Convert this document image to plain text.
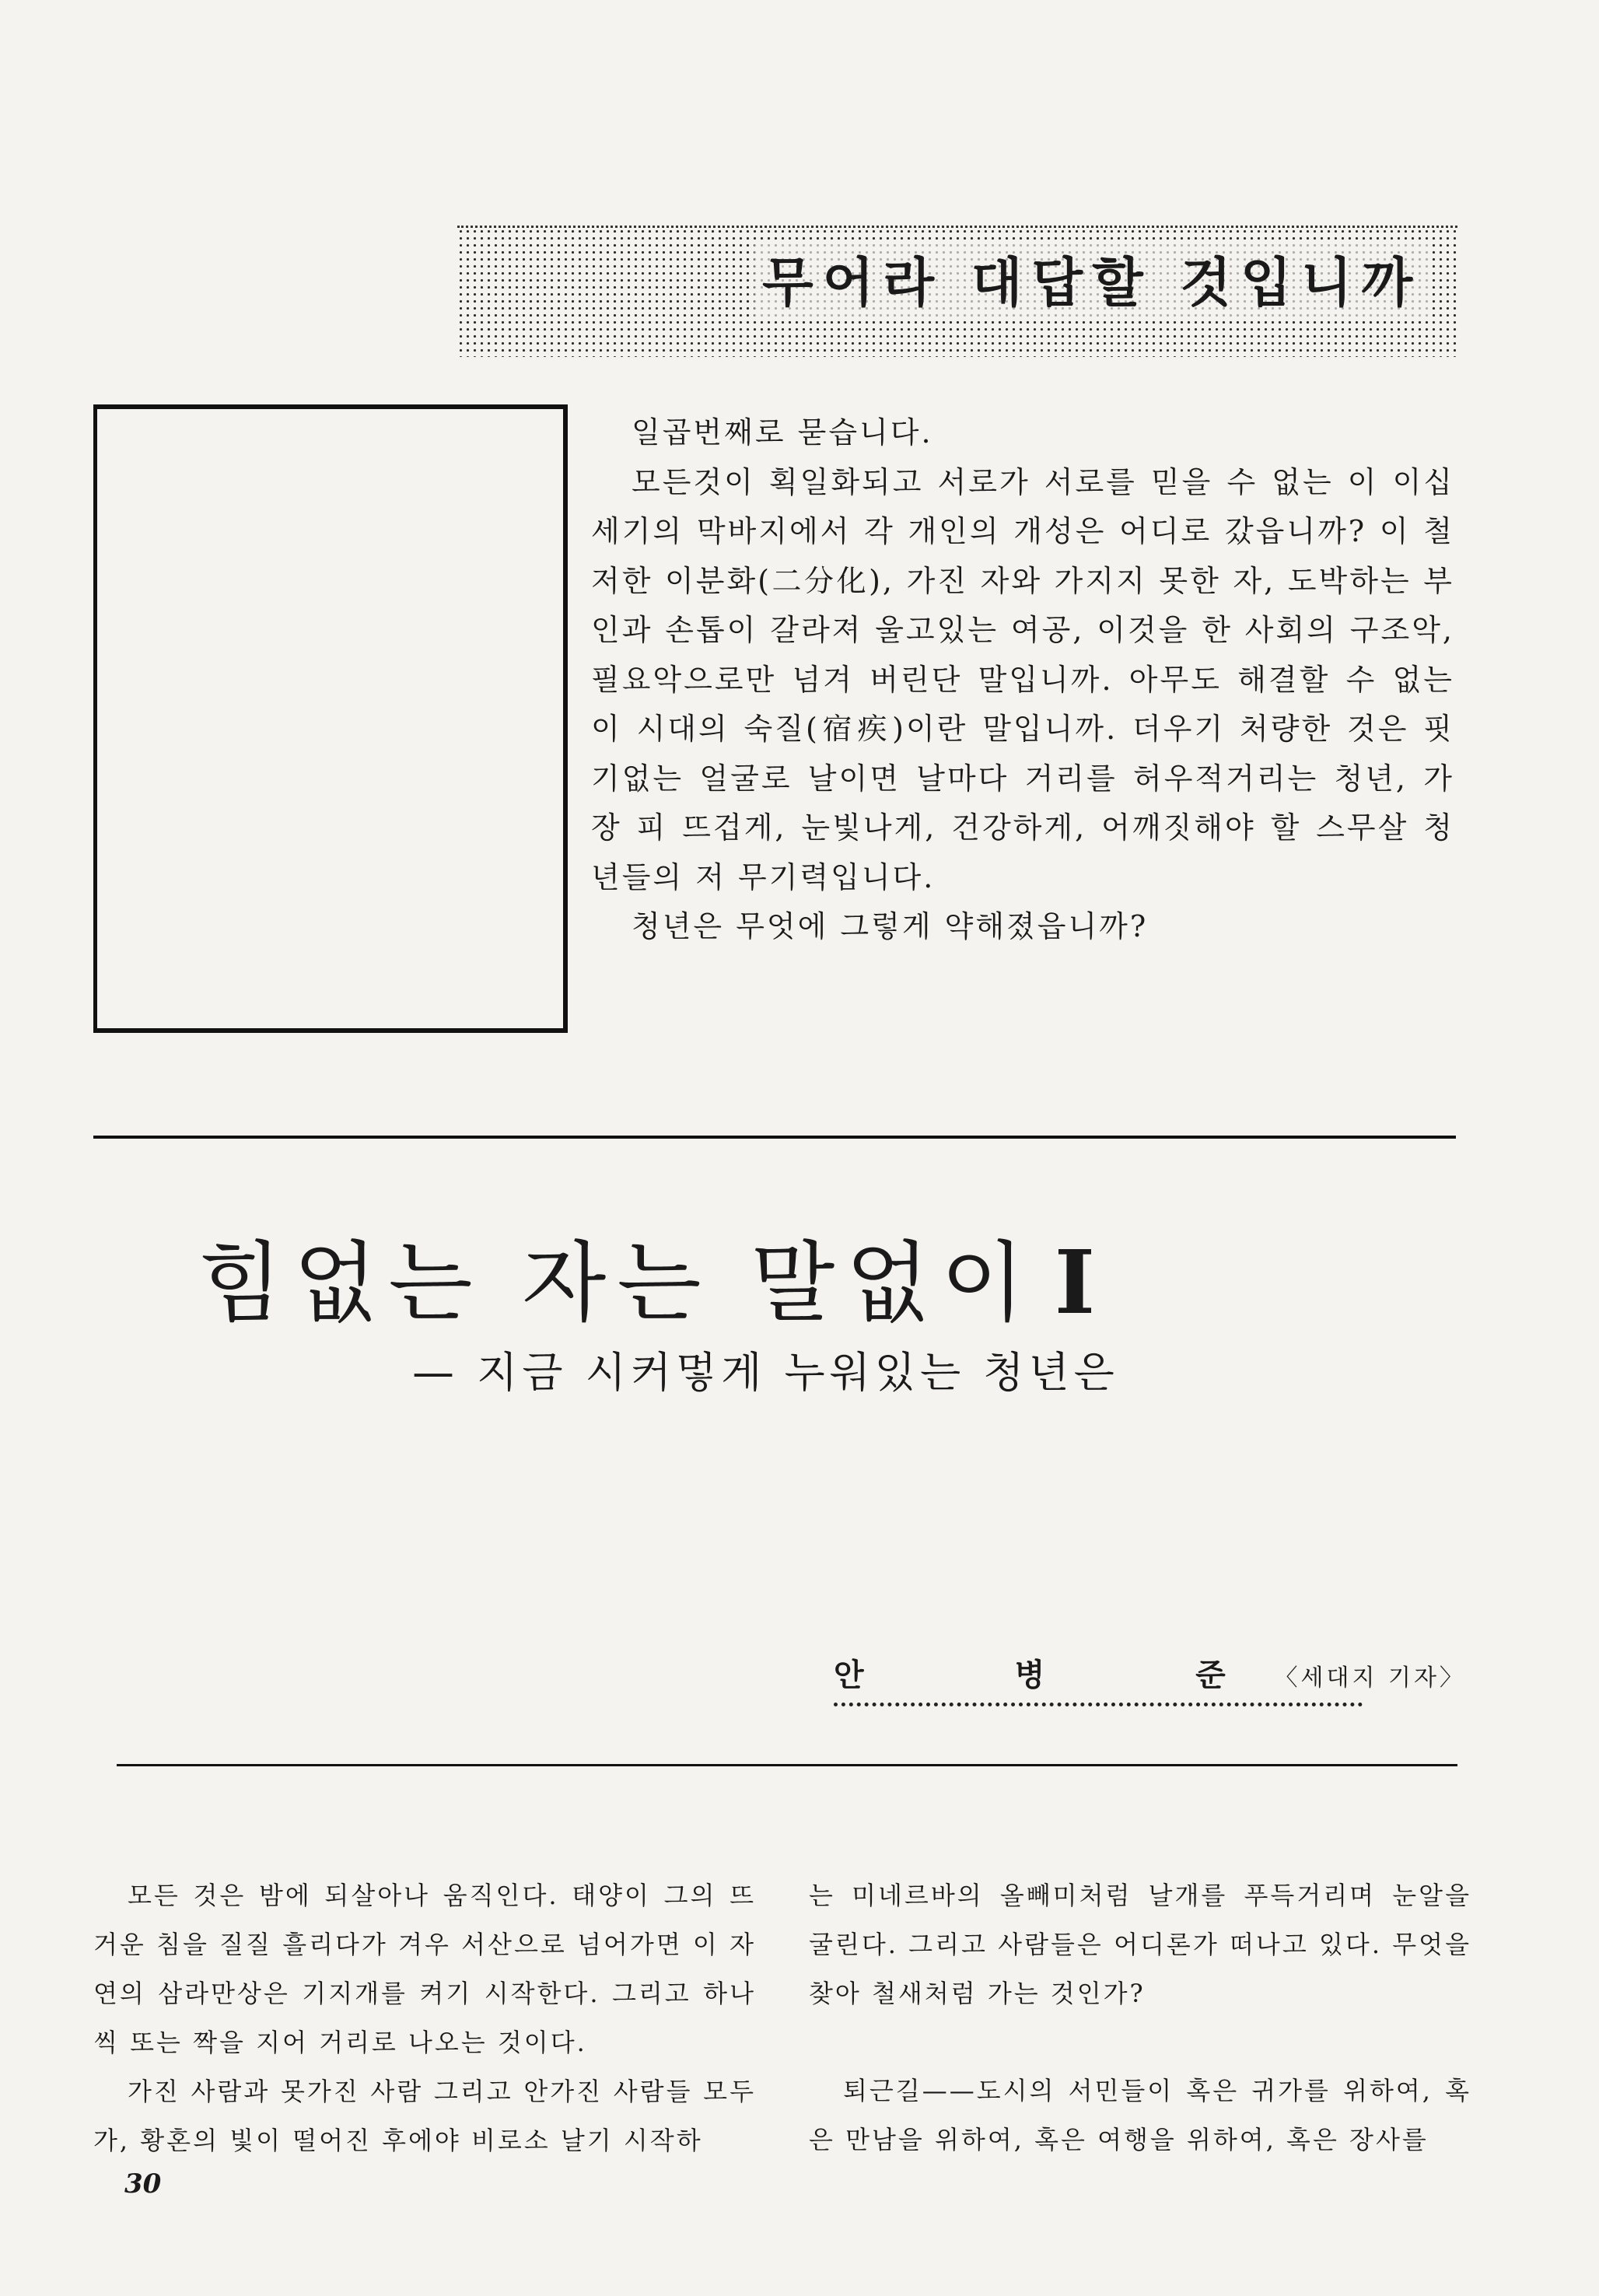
무어라 대답할 것입니까

일곱번째로 묻습니다.

모든것이 획일화되고 서로가 서로를 믿을 수 없는 이 이십세기의 막바지에서 각 개인의 개성은 어디로 갔읍니까? 이 철저한 이분화(二分化), 가진 자와 가지지 못한 자, 도박하는 부인과 손톱이 갈라져 울고있는 여공, 이것을 한 사회의 구조악, 필요악으로만 넘겨 버린단 말입니까. 아무도 해결할 수 없는 이 시대의 숙질(宿疾)이란 말입니까. 더우기 처량한 것은 핏기없는 얼굴로 날이면 날마다 거리를 허우적거리는 청년, 가장 피 뜨겁게, 눈빛나게, 건강하게, 어깨짓해야 할 스무살 청년들의 저 무기력입니다.

청년은 무엇에 그렇게 약해졌읍니까?

힘없는 자는 말없이 I
— 지금 시커멓게 누워있는 청년은
안 병 준 〈세대지 기자〉

모든 것은 밤에 되살아나 움직인다. 태양이 그의 뜨거운 침을 질질 흘리다가 겨우 서산으로 넘어가면 이 자연의 삼라만상은 기지개를 켜기 시작한다. 그리고 하나씩 또는 짝을 지어 거리로 나오는 것이다.

가진 사람과 못가진 사람 그리고 안가진 사람들 모두가, 황혼의 빛이 떨어진 후에야 비로소 날기 시작하

는 미네르바의 올빼미처럼 날개를 푸득거리며 눈알을 굴린다. 그리고 사람들은 어디론가 떠나고 있다. 무엇을 찾아 철새처럼 가는 것인가?

퇴근길——도시의 서민들이 혹은 귀가를 위하여, 혹은 만남을 위하여, 혹은 여행을 위하여, 혹은 장사를

30
